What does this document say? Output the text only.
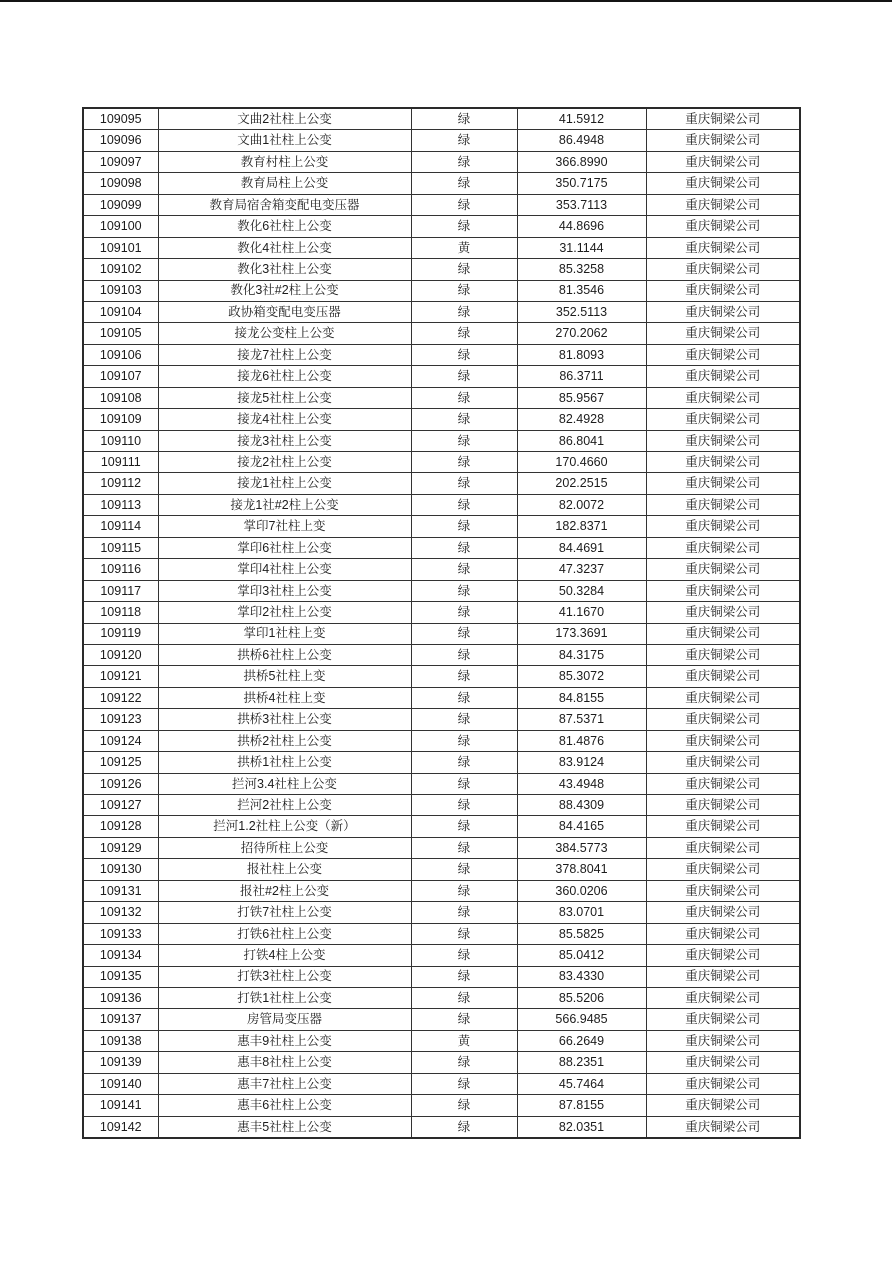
109095	文曲2社柱上公变	绿	41.5912	重庆铜梁公司
109096	文曲1社柱上公变	绿	86.4948	重庆铜梁公司
109097	教育村柱上公变	绿	366.8990	重庆铜梁公司
109098	教育局柱上公变	绿	350.7175	重庆铜梁公司
109099	教育局宿舍箱变配电变压器	绿	353.7113	重庆铜梁公司
109100	教化6社柱上公变	绿	44.8696	重庆铜梁公司
109101	教化4社柱上公变	黄	31.1144	重庆铜梁公司
109102	教化3社柱上公变	绿	85.3258	重庆铜梁公司
109103	教化3社#2柱上公变	绿	81.3546	重庆铜梁公司
109104	政协箱变配电变压器	绿	352.5113	重庆铜梁公司
109105	接龙公变柱上公变	绿	270.2062	重庆铜梁公司
109106	接龙7社柱上公变	绿	81.8093	重庆铜梁公司
109107	接龙6社柱上公变	绿	86.3711	重庆铜梁公司
109108	接龙5社柱上公变	绿	85.9567	重庆铜梁公司
109109	接龙4社柱上公变	绿	82.4928	重庆铜梁公司
109110	接龙3社柱上公变	绿	86.8041	重庆铜梁公司
109111	接龙2社柱上公变	绿	170.4660	重庆铜梁公司
109112	接龙1社柱上公变	绿	202.2515	重庆铜梁公司
109113	接龙1社#2柱上公变	绿	82.0072	重庆铜梁公司
109114	掌印7社柱上变	绿	182.8371	重庆铜梁公司
109115	掌印6社柱上公变	绿	84.4691	重庆铜梁公司
109116	掌印4社柱上公变	绿	47.3237	重庆铜梁公司
109117	掌印3社柱上公变	绿	50.3284	重庆铜梁公司
109118	掌印2社柱上公变	绿	41.1670	重庆铜梁公司
109119	掌印1社柱上变	绿	173.3691	重庆铜梁公司
109120	拱桥6社柱上公变	绿	84.3175	重庆铜梁公司
109121	拱桥5社柱上变	绿	85.3072	重庆铜梁公司
109122	拱桥4社柱上变	绿	84.8155	重庆铜梁公司
109123	拱桥3社柱上公变	绿	87.5371	重庆铜梁公司
109124	拱桥2社柱上公变	绿	81.4876	重庆铜梁公司
109125	拱桥1社柱上公变	绿	83.9124	重庆铜梁公司
109126	拦河3.4社柱上公变	绿	43.4948	重庆铜梁公司
109127	拦河2社柱上公变	绿	88.4309	重庆铜梁公司
109128	拦河1.2社柱上公变（新）	绿	84.4165	重庆铜梁公司
109129	招待所柱上公变	绿	384.5773	重庆铜梁公司
109130	报社柱上公变	绿	378.8041	重庆铜梁公司
109131	报社#2柱上公变	绿	360.0206	重庆铜梁公司
109132	打铁7社柱上公变	绿	83.0701	重庆铜梁公司
109133	打铁6社柱上公变	绿	85.5825	重庆铜梁公司
109134	打铁4柱上公变	绿	85.0412	重庆铜梁公司
109135	打铁3社柱上公变	绿	83.4330	重庆铜梁公司
109136	打铁1社柱上公变	绿	85.5206	重庆铜梁公司
109137	房管局变压器	绿	566.9485	重庆铜梁公司
109138	惠丰9社柱上公变	黄	66.2649	重庆铜梁公司
109139	惠丰8社柱上公变	绿	88.2351	重庆铜梁公司
109140	惠丰7社柱上公变	绿	45.7464	重庆铜梁公司
109141	惠丰6社柱上公变	绿	87.8155	重庆铜梁公司
109142	惠丰5社柱上公变	绿	82.0351	重庆铜梁公司
